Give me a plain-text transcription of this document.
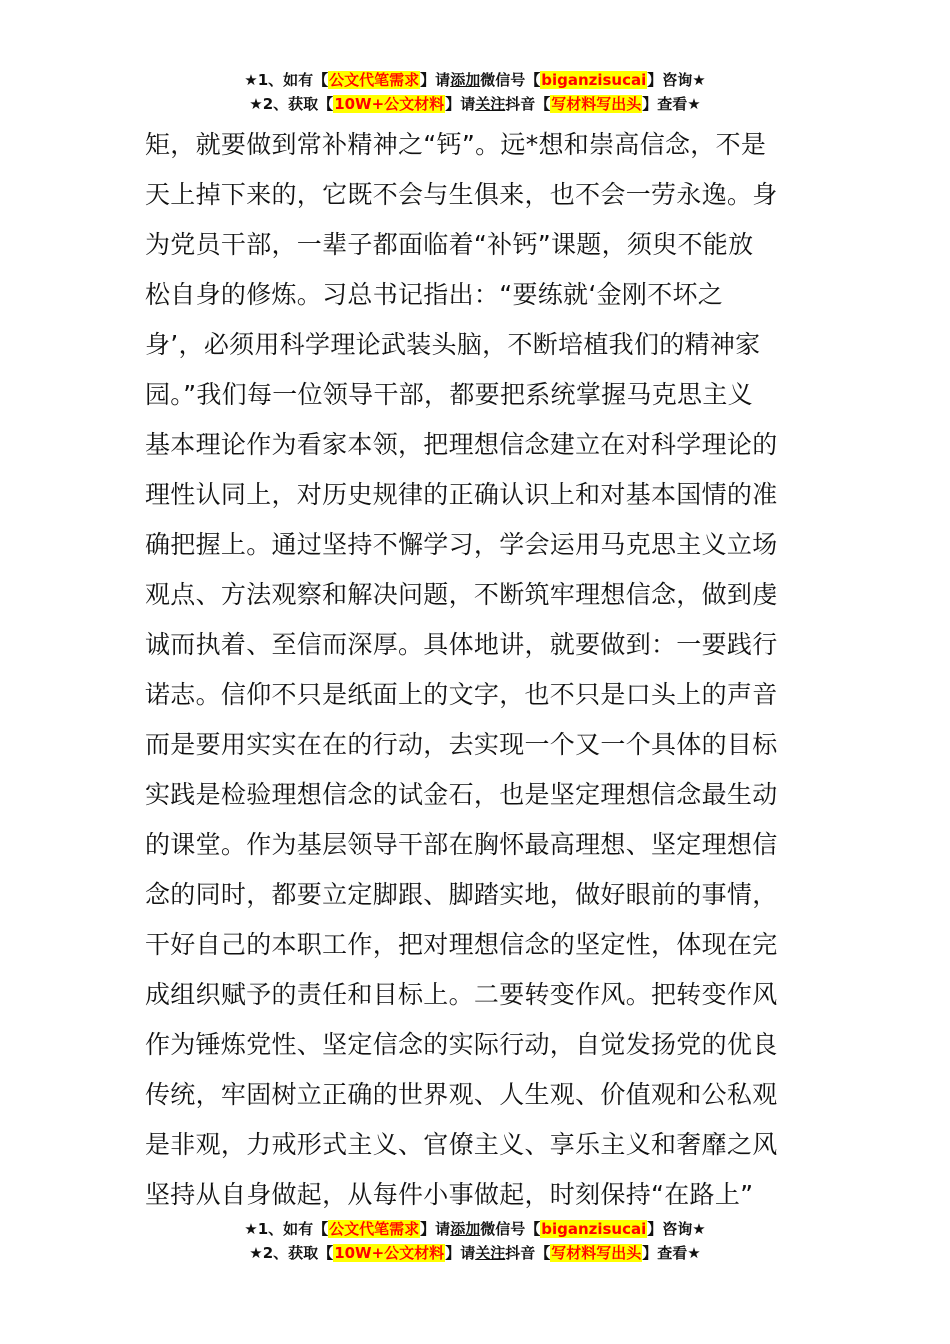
★1、如有【公文代笔需求】请添加微信号【biganzisucai】咨询★
★2、获取【10W+公文材料】请关注抖音【写材料写出头】查看★
矩，就要做到常补精神之“钙”。远*想和崇高信念，不是
天上掉下来的，它既不会与生俱来，也不会一劳永逸。身
为党员干部，一辈子都面临着“补钙”课题，须臾不能放
松自身的修炼。习总书记指出：“要练就‘金刚不坏之
身’，必须用科学理论武装头脑，不断培植我们的精神家
园。”我们每一位领导干部，都要把系统掌握马克思主义
基本理论作为看家本领，把理想信念建立在对科学理论的
理性认同上，对历史规律的正确认识上和对基本国情的准
确把握上。通过坚持不懈学习，学会运用马克思主义立场
观点、方法观察和解决问题，不断筑牢理想信念，做到虔
诚而执着、至信而深厚。具体地讲，就要做到：一要践行
诺志。信仰不只是纸面上的文字，也不只是口头上的声音
而是要用实实在在的行动，去实现一个又一个具体的目标
实践是检验理想信念的试金石，也是坚定理想信念最生动
的课堂。作为基层领导干部在胸怀最高理想、坚定理想信
念的同时，都要立定脚跟、脚踏实地，做好眼前的事情，
干好自己的本职工作，把对理想信念的坚定性，体现在完
成组织赋予的责任和目标上。二要转变作风。把转变作风
作为锤炼党性、坚定信念的实际行动，自觉发扬党的优良
传统，牢固树立正确的世界观、人生观、价值观和公私观
是非观，力戒形式主义、官僚主义、享乐主义和奢靡之风
坚持从自身做起，从每件小事做起，时刻保持“在路上”
★1、如有【公文代笔需求】请添加微信号【biganzisucai】咨询★
★2、获取【10W+公文材料】请关注抖音【写材料写出头】查看★
